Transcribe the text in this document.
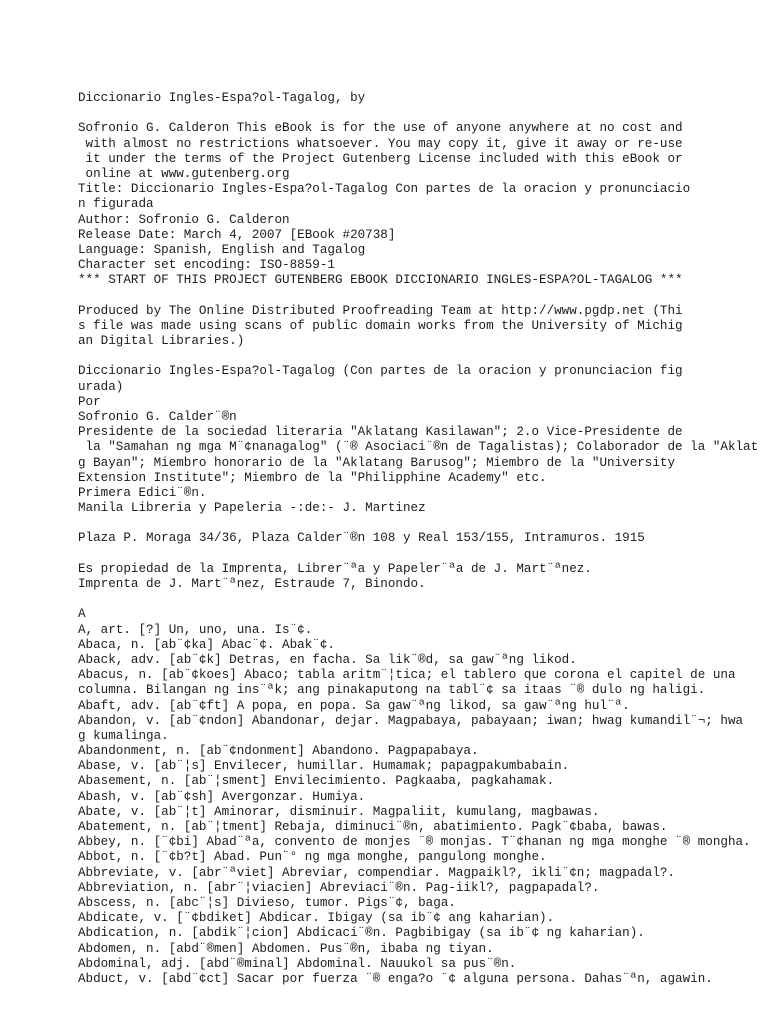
Diccionario Ingles-Espa?ol-Tagalog, by
Sofronio G. Calderon This eBook is for the use of anyone anywhere at no cost and
with almost no restrictions whatsoever. You may copy it, give it away or re-use
it under the terms of the Project Gutenberg License included with this eBook or
online at www.gutenberg.org
Title: Diccionario Ingles-Espa?ol-Tagalog Con partes de la oracion y pronunciacio
n figurada
Author: Sofronio G. Calderon
Release Date: March 4, 2007 [EBook #20738]
Language: Spanish, English and Tagalog
Character set encoding: ISO-8859-1
*** START OF THIS PROJECT GUTENBERG EBOOK DICCIONARIO INGLES-ESPA?OL-TAGALOG ***
Produced by The Online Distributed Proofreading Team at http://www.pgdp.net (Thi
s file was made using scans of public domain works from the University of Michig
an Digital Libraries.)
Diccionario Ingles-Espa?ol-Tagalog (Con partes de la oracion y pronunciacion fig
urada)
Por
Sofronio G. Calder¨®n
Presidente de la sociedad literaria "Aklatang Kasilawan"; 2.o Vice-Presidente de
la "Samahan ng mga M¨¢nanagalog" (¨® Asociaci¨®n de Tagalistas); Colaborador de la "Aklat
g Bayan"; Miembro honorario de la "Aklatang Barusog"; Miembro de la "University
Extension Institute"; Miembro de la "Philipphine Academy" etc.
Primera Edici¨®n.
Manila Libreria y Papeleria -:de:- J. Martinez
Plaza P. Moraga 34/36, Plaza Calder¨®n 108 y Real 153/155, Intramuros. 1915
Es propiedad de la Imprenta, Librer¨ªa y Papeler¨ªa de J. Mart¨ªnez.
Imprenta de J. Mart¨ªnez, Estraude 7, Binondo.
A
A, art. [?] Un, uno, una. Is¨¢.
Abaca, n. [ab¨¢ka] Abac¨¢. Abak¨¢.
Aback, adv. [ab¨¢k] Detras, en facha. Sa lik¨®d, sa gaw¨ªng likod.
Abacus, n. [ab¨¢koes] Abaco; tabla aritm¨¦tica; el tablero que corona el capitel de una
columna. Bilangan ng ins¨ªk; ang pinakaputong na tabl¨¢ sa itaas ¨® dulo ng haligi.
Abaft, adv. [ab¨¢ft] A popa, en popa. Sa gaw¨ªng likod, sa gaw¨ªng hul¨ª.
Abandon, v. [ab¨¢ndon] Abandonar, dejar. Magpabaya, pabayaan; iwan; hwag kumandil¨¬; hwa
g kumalinga.
Abandonment, n. [ab¨¢ndonment] Abandono. Pagpapabaya.
Abase, v. [ab¨¦s] Envilecer, humillar. Humamak; papagpakumbabain.
Abasement, n. [ab¨¦sment] Envilecimiento. Pagkaaba, pagkahamak.
Abash, v. [ab¨¢sh] Avergonzar. Humiya.
Abate, v. [ab¨¦t] Aminorar, disminuir. Magpaliit, kumulang, magbawas.
Abatement, n. [ab¨¦tment] Rebaja, diminuci¨®n, abatimiento. Pagk¨¢baba, bawas.
Abbey, n. [¨¢bi] Abad¨ªa, convento de monjes ¨® monjas. T¨¢hanan ng mga monghe ¨® mongha.
Abbot, n. [¨¢b?t] Abad. Pun¨° ng mga monghe, pangulong monghe.
Abbreviate, v. [abr¨ªviet] Abreviar, compendiar. Magpaikl?, ikli¨¢n; magpadal?.
Abbreviation, n. [abr¨¦viacien] Abreviaci¨®n. Pag-iikl?, pagpapadal?.
Abscess, n. [abc¨¦s] Divieso, tumor. Pigs¨¢, baga.
Abdicate, v. [¨¢bdiket] Abdicar. Ibigay (sa ib¨¢ ang kaharian).
Abdication, n. [abdik¨¦cion] Abdicaci¨®n. Pagbibigay (sa ib¨¢ ng kaharian).
Abdomen, n. [abd¨®men] Abdomen. Pus¨®n, ibaba ng tiyan.
Abdominal, adj. [abd¨®minal] Abdominal. Nauukol sa pus¨®n.
Abduct, v. [abd¨¢ct] Sacar por fuerza ¨® enga?o ¨¢ alguna persona. Dahas¨ªn, agawin.
